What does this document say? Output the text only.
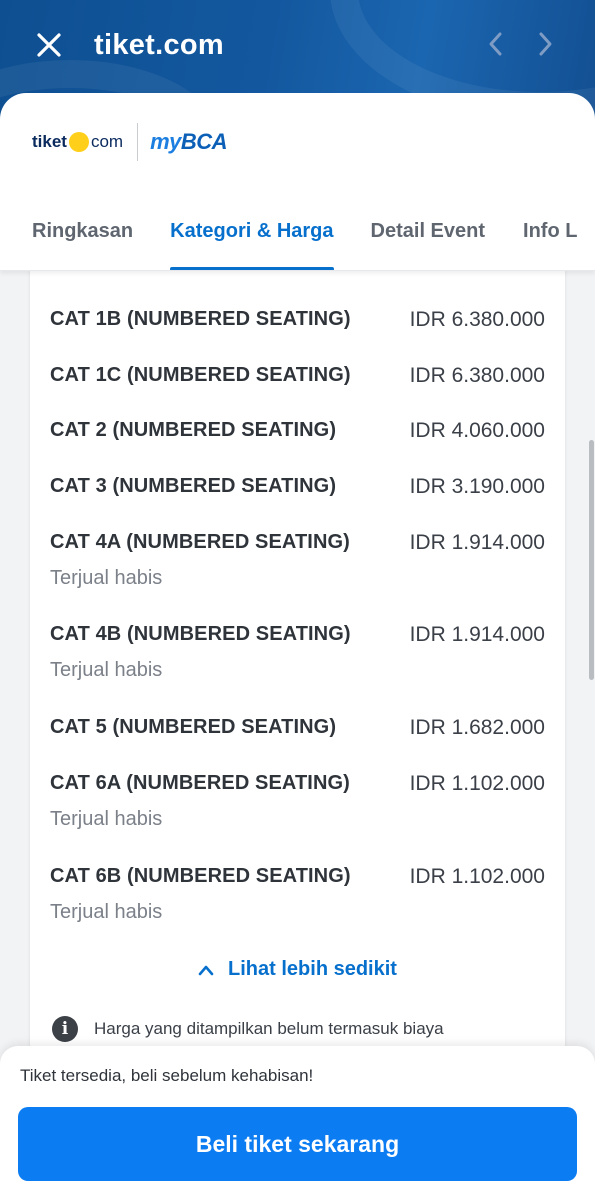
tiket.com
tiket com myBCA
Ringkasan Kategori & Harga Detail Event Info L
CAT 1B (NUMBERED SEATING)	IDR 6.380.000
CAT 1C (NUMBERED SEATING)	IDR 6.380.000
CAT 2 (NUMBERED SEATING)	IDR 4.060.000
CAT 3 (NUMBERED SEATING)	IDR 3.190.000
CAT 4A (NUMBERED SEATING)	IDR 1.914.000
Terjual habis
CAT 4B (NUMBERED SEATING)	IDR 1.914.000
Terjual habis
CAT 5 (NUMBERED SEATING)	IDR 1.682.000
CAT 6A (NUMBERED SEATING)	IDR 1.102.000
Terjual habis
CAT 6B (NUMBERED SEATING)	IDR 1.102.000
Terjual habis
Lihat lebih sedikit
i	Harga yang ditampilkan belum termasuk biaya
Tiket tersedia, beli sebelum kehabisan!
Beli tiket sekarang
